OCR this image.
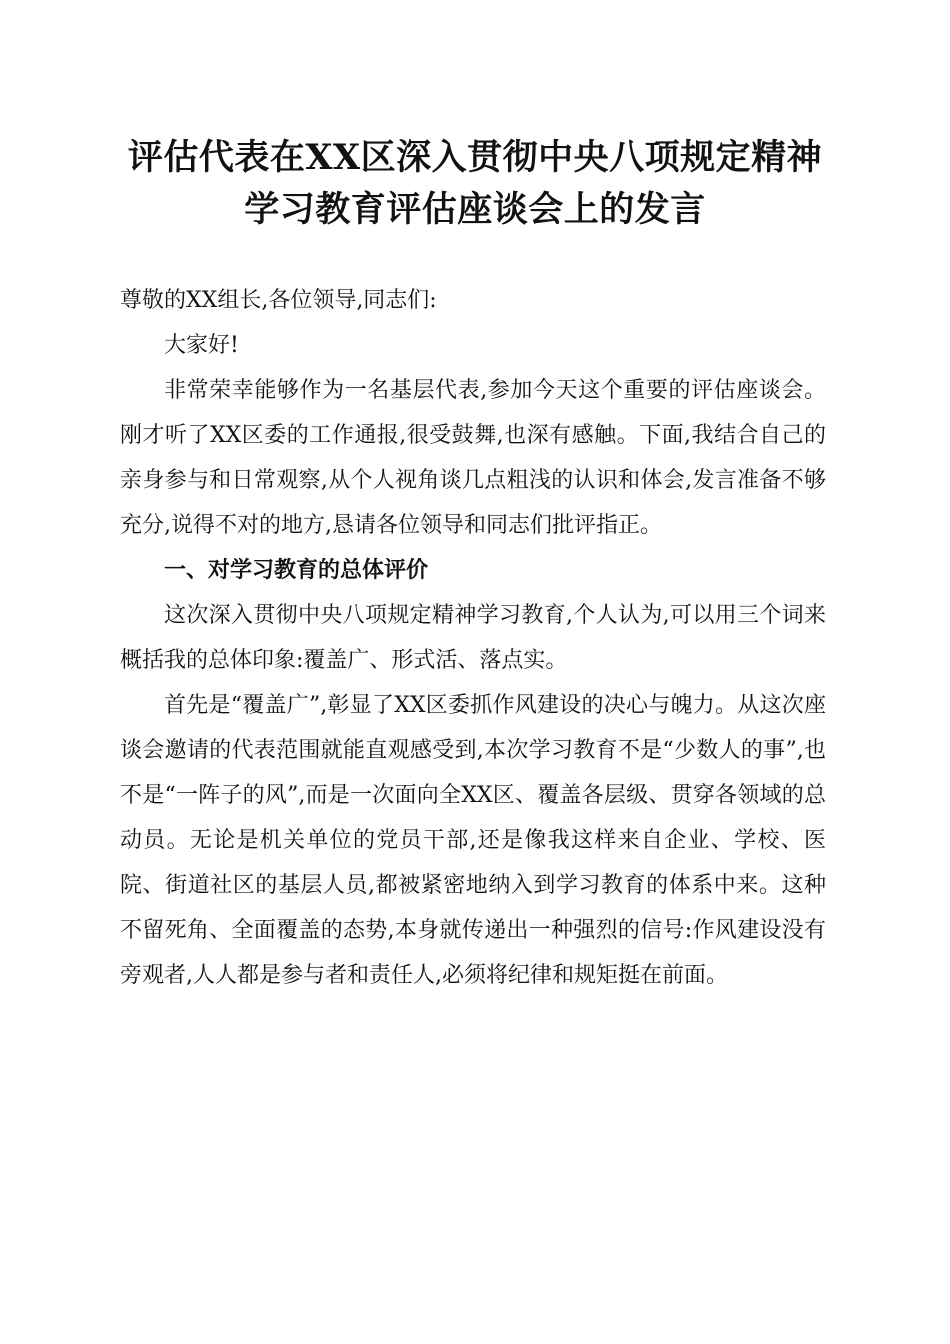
评估代表在XX区深入贯彻中央八项规定精神
学习教育评估座谈会上的发言

尊敬的XX组长,各位领导,同志们:

大家好!

非常荣幸能够作为一名基层代表,参加今天这个重要的评估座谈会。刚才听了XX区委的工作通报,很受鼓舞,也深有感触。下面,我结合自己的亲身参与和日常观察,从个人视角谈几点粗浅的认识和体会,发言准备不够充分,说得不对的地方,恳请各位领导和同志们批评指正。

一、对学习教育的总体评价

这次深入贯彻中央八项规定精神学习教育,个人认为,可以用三个词来概括我的总体印象:覆盖广、形式活、落点实。

首先是“覆盖广”,彰显了XX区委抓作风建设的决心与魄力。从这次座谈会邀请的代表范围就能直观感受到,本次学习教育不是“少数人的事”,也不是“一阵子的风”,而是一次面向全XX区、覆盖各层级、贯穿各领域的总动员。无论是机关单位的党员干部,还是像我这样来自企业、学校、医院、街道社区的基层人员,都被紧密地纳入到学习教育的体系中来。这种不留死角、全面覆盖的态势,本身就传递出一种强烈的信号:作风建设没有旁观者,人人都是参与者和责任人,必须将纪律和规矩挺在前面。
